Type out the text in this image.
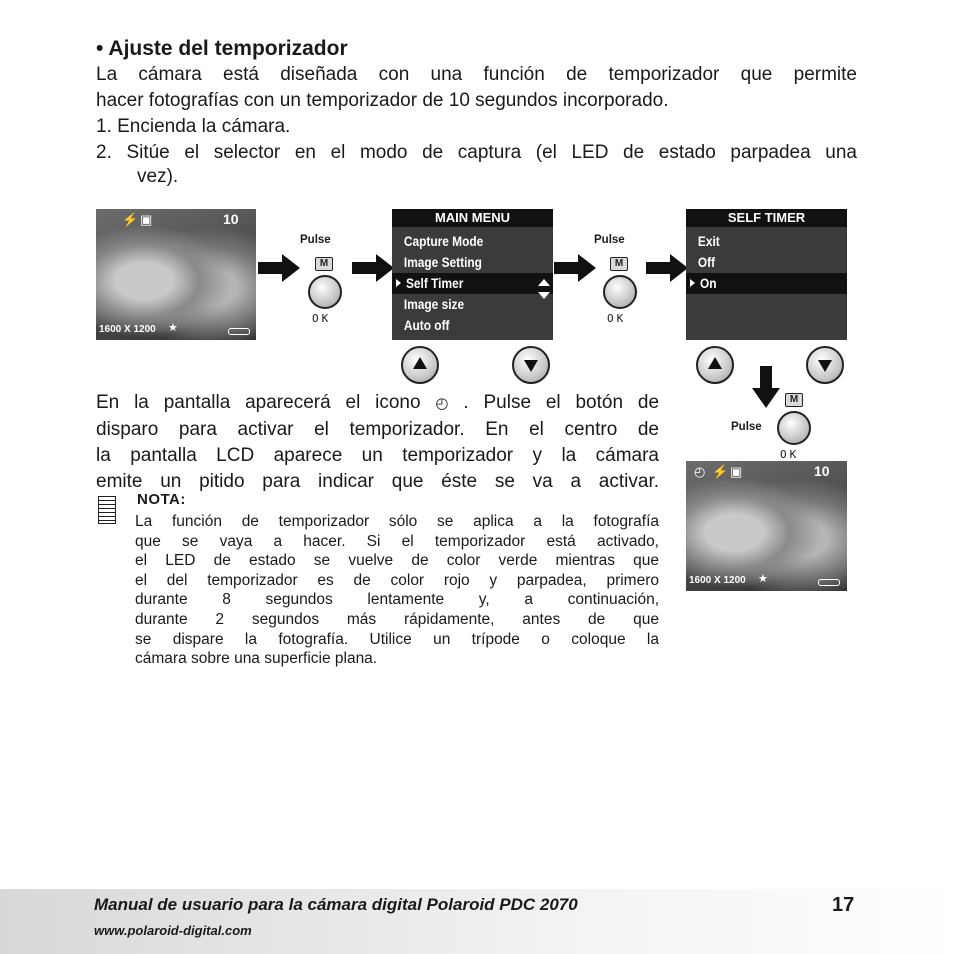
• Ajuste del temporizador
La cámara está diseñada con una función de temporizador que permite
hacer fotografías con un temporizador de 10 segundos incorporado.
1. Encienda la cámara.
2. Sitúe el selector en el modo de captura (el LED de estado parpadea una
vez).
⚡ ▣	10
1600 X 1200 ★
Pulse
M
OK
MAIN MENU
Capture Mode
Image Setting
Self Timer
Image size
Auto off
Pulse
M
OK
SELF TIMER
Exit
Off
On
M
Pulse
OK
◴ ⚡ ▣	10
1600 X 1200 ★
En la pantalla aparecerá el icono ◴ . Pulse el botón de
disparo para activar el temporizador. En el centro de
la pantalla LCD aparece un temporizador y la cámara
emite un pitido para indicar que éste se va a activar.
NOTA:
La función de temporizador sólo se aplica a la fotografía
que se vaya a hacer. Si el temporizador está activado,
el LED de estado se vuelve de color verde mientras que
el del temporizador es de color rojo y parpadea, primero
durante 8 segundos lentamente y, a continuación,
durante 2 segundos más rápidamente, antes de que
se dispare la fotografía. Utilice un trípode o coloque la
cámara sobre una superficie plana.
Manual de usuario para la cámara digital Polaroid PDC 2070
www.polaroid-digital.com
17
